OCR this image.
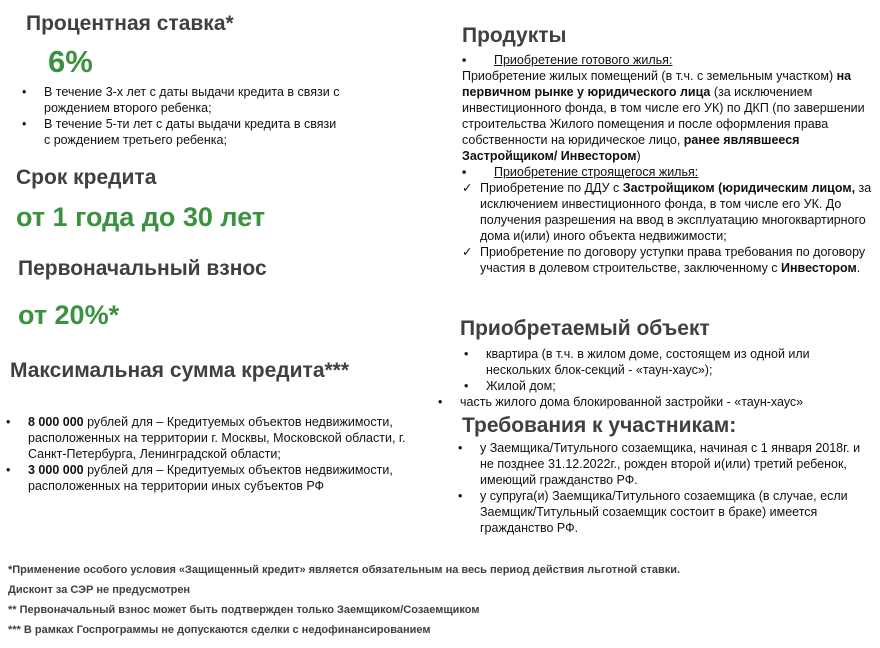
Процентная ставка*
6%
• В течение 3-х лет с даты выдачи кредита в связи с рождением второго ребенка;
• В течение 5-ти лет с даты выдачи кредита в связи с рождением третьего ребенка;
Срок кредита
от 1 года до 30 лет
Первоначальный взнос
от 20%*
Максимальная сумма кредита***
• 8 000 000 рублей для – Кредитуемых объектов недвижимости, расположенных на территории г. Москвы, Московской области, г. Санкт-Петербурга, Ленинградской области;
• 3 000 000 рублей для – Кредитуемых объектов недвижимости, расположенных на территории иных субъектов РФ
Продукты
▪ Приобретение готового жилья:
Приобретение жилых помещений (в т.ч. с земельным участком) на первичном рынке у юридического лица (за исключением инвестиционного фонда, в том числе его УК) по ДКП (по завершении строительства Жилого помещения и после оформления права собственности на юридическое лицо, ранее являвшееся Застройщиком/ Инвестором)
▪ Приобретение строящегося жилья:
✓ Приобретение по ДДУ с Застройщиком (юридическим лицом, за исключением инвестиционного фонда, в том числе его УК. До получения разрешения на ввод в эксплуатацию многоквартирного дома и(или) иного объекта недвижимости;
✓ Приобретение по договору уступки права требования по договору участия в долевом строительстве, заключенному с Инвестором.
Приобретаемый объект
• квартира (в т.ч. в жилом доме, состоящем из одной или нескольких блок-секций - «таун-хаус»);
• Жилой дом;
• часть жилого дома блокированной застройки - «таун-хаус»
Требования к участникам:
• у Заемщика/Титульного созаемщика, начиная с 1 января 2018г. и не позднее 31.12.2022г., рожден второй и(или) третий ребенок, имеющий гражданство РФ.
• у супруга(и) Заемщика/Титульного созаемщика (в случае, если Заемщик/Титульный созаемщик состоит в браке) имеется гражданство РФ.
*Применение особого условия «Защищенный кредит» является обязательным на весь период действия льготной ставки.
Дисконт за СЭР не предусмотрен
** Первоначальный взнос может быть подтвержден только Заемщиком/Созаемщиком
*** В рамках Госпрограммы не допускаются сделки с недофинансированием
